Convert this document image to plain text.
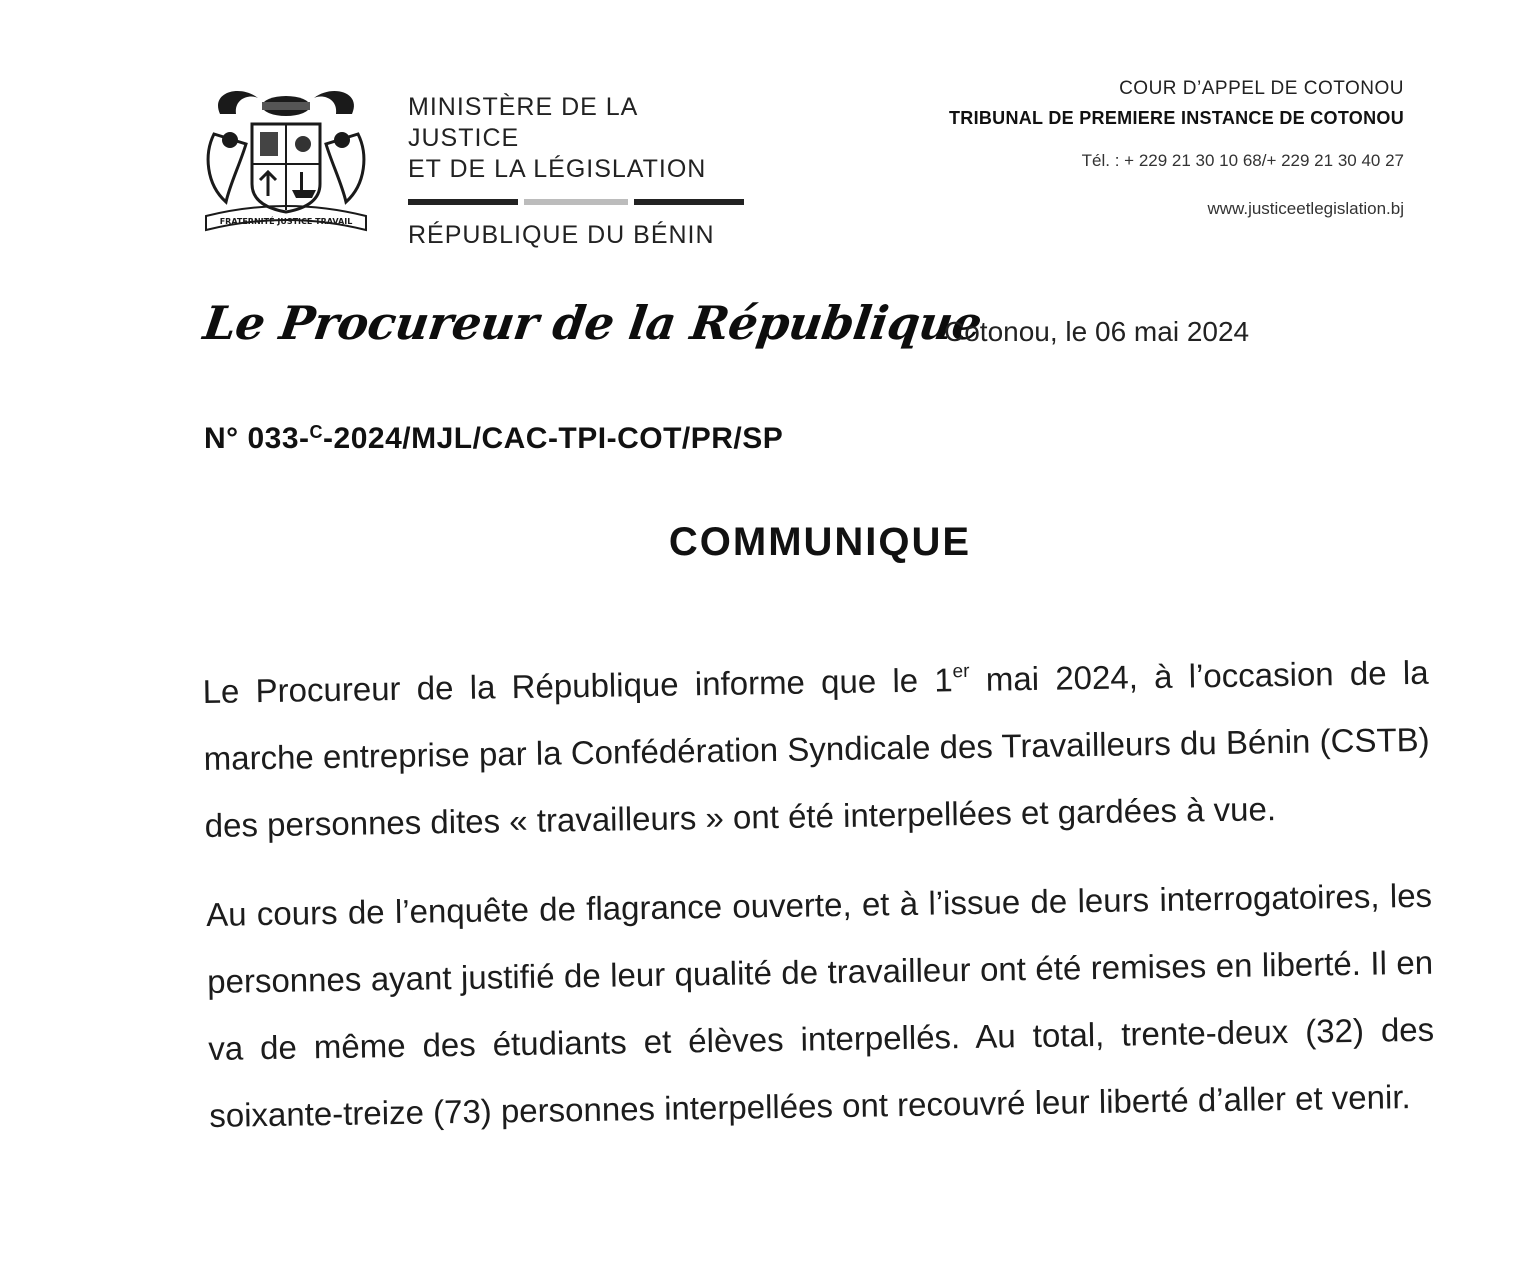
FRATERNITÉ JUSTICE TRAVAIL
MINISTÈRE DE LA JUSTICE
ET DE LA LÉGISLATION
RÉPUBLIQUE DU BÉNIN
COUR D’APPEL DE COTONOU
TRIBUNAL DE PREMIERE INSTANCE DE COTONOU
Tél. : + 229 21 30 10 68/+ 229 21 30 40 27
www.justiceetlegislation.bj
Le Procureur de la République
Cotonou, le 06 mai 2024
N° 033-$^C$-2024/MJL/CAC-TPI-COT/PR/SP
COMMUNIQUE

Le Procureur de la République informe que le 1er mai 2024, à l’occasion de la marche entreprise par la Confédération Syndicale des Travailleurs du Bénin (CSTB) des personnes dites « travailleurs » ont été interpellées et gardées à vue.

Au cours de l’enquête de flagrance ouverte, et à l’issue de leurs interrogatoires, les personnes ayant justifié de leur qualité de travailleur ont été remises en liberté. Il en va de même des étudiants et élèves interpellés. Au total, trente-deux (32) des soixante-treize (73) personnes interpellées ont recouvré leur liberté d’aller et venir.
